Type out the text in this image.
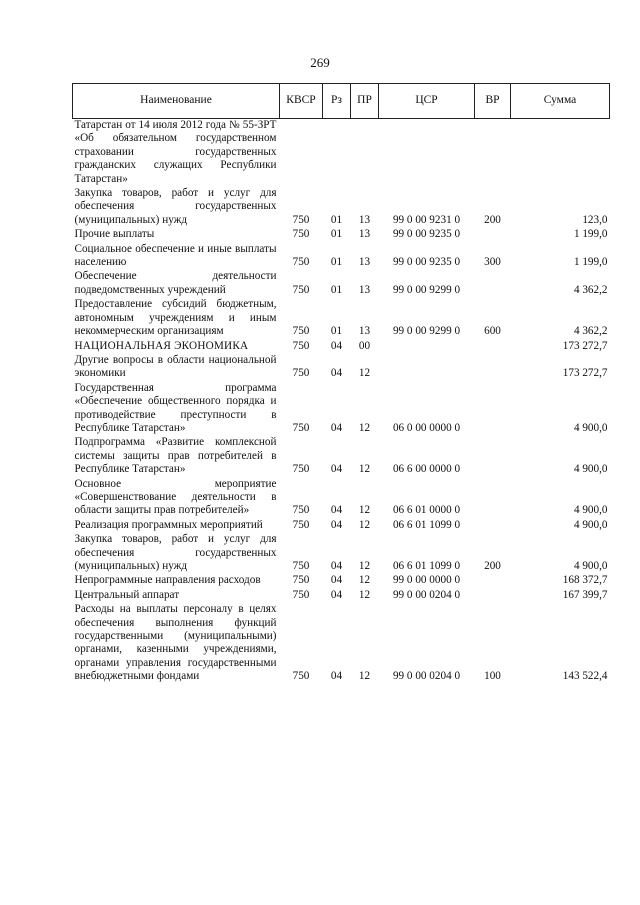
269
Наименование	КВСР	Рз	ПР	ЦСР	ВР	Сумма
Татарстан от 14 июля 2012 года № 55-ЗРТ «Об обязательном государственном страховании государственных гражданских служащих Республики Татарстан»						
Закупка товаров, работ и услуг для обеспечения государственных (муниципальных) нужд	750	01	13	99 0 00 9231 0	200	123,0
Прочие выплаты	750	01	13	99 0 00 9235 0		1 199,0
Социальное обеспечение и иные выплаты населению	750	01	13	99 0 00 9235 0	300	1 199,0
Обеспечение деятельности подведомственных учреждений	750	01	13	99 0 00 9299 0		4 362,2
Предоставление субсидий бюджетным, автономным учреждениям и иным некоммерческим организациям	750	01	13	99 0 00 9299 0	600	4 362,2
НАЦИОНАЛЬНАЯ ЭКОНОМИКА	750	04	00			173 272,7
Другие вопросы в области национальной экономики	750	04	12			173 272,7
Государственная программа «Обеспечение общественного порядка и противодействие преступности в Республике Татарстан»	750	04	12	06 0 00 0000 0		4 900,0
Подпрограмма «Развитие комплексной системы защиты прав потребителей в Республике Татарстан»	750	04	12	06 6 00 0000 0		4 900,0
Основное мероприятие «Совершенствование деятельности в области защиты прав потребителей»	750	04	12	06 6 01 0000 0		4 900,0
Реализация программных мероприятий	750	04	12	06 6 01 1099 0		4 900,0
Закупка товаров, работ и услуг для обеспечения государственных (муниципальных) нужд	750	04	12	06 6 01 1099 0	200	4 900,0
Непрограммные направления расходов	750	04	12	99 0 00 0000 0		168 372,7
Центральный аппарат	750	04	12	99 0 00 0204 0		167 399,7
Расходы на выплаты персоналу в целях обеспечения выполнения функций государственными (муниципальными) органами, казенными учреждениями, органами управления государственными внебюджетными фондами	750	04	12	99 0 00 0204 0	100	143 522,4
